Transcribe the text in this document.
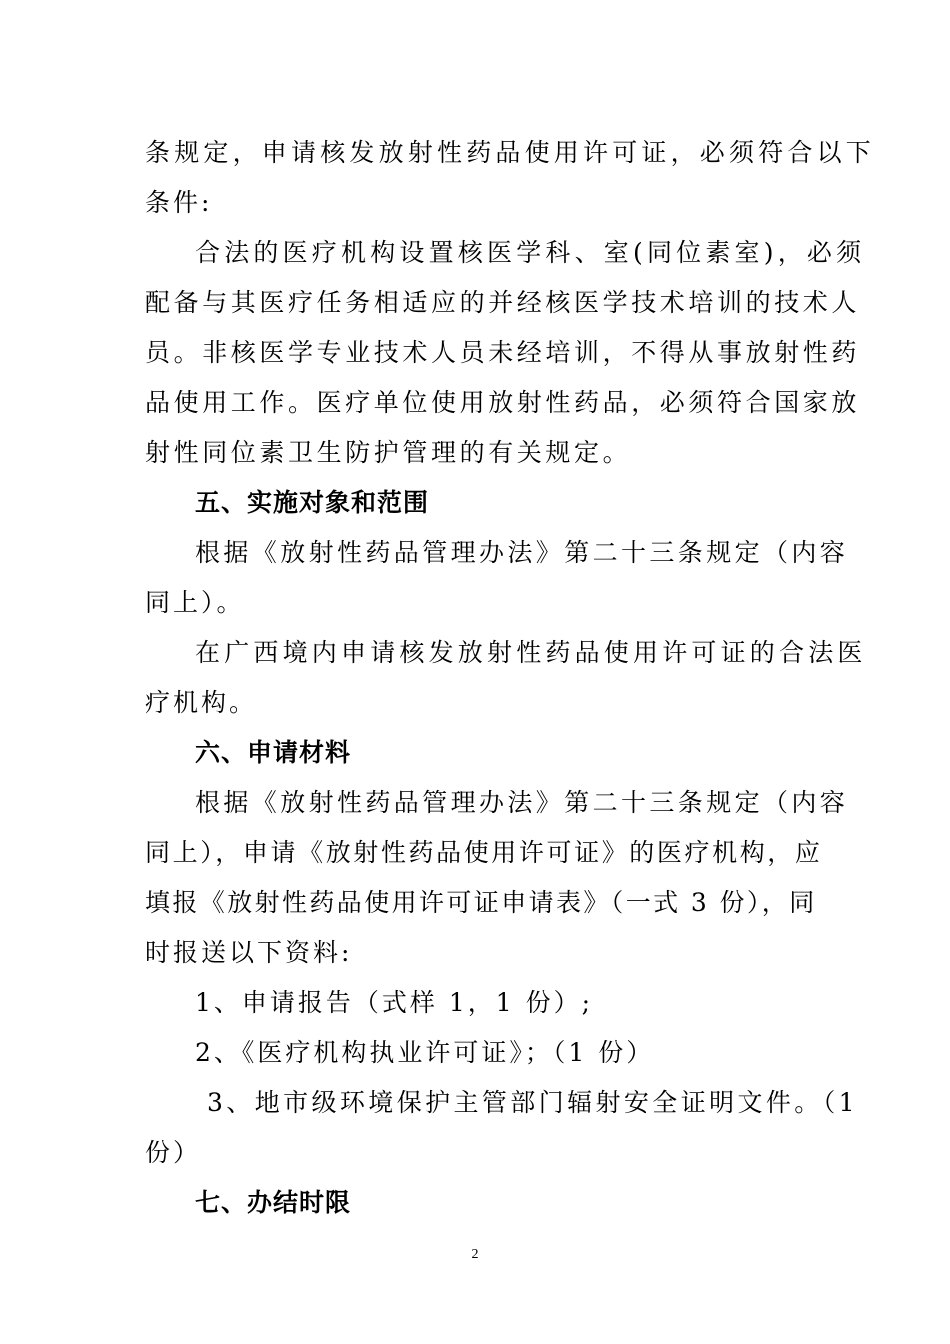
条规定，申请核发放射性药品使用许可证，必须符合以下
条件:
合法的医疗机构设置核医学科、室(同位素室)，必须
配备与其医疗任务相适应的并经核医学技术培训的技术人
员。非核医学专业技术人员未经培训，不得从事放射性药
品使用工作。医疗单位使用放射性药品，必须符合国家放
射性同位素卫生防护管理的有关规定。
五、实施对象和范围
根据《放射性药品管理办法》第二十三条规定（内容
同上）。
在广西境内申请核发放射性药品使用许可证的合法医
疗机构。
六、申请材料
根据《放射性药品管理办法》第二十三条规定（内容
同上），申请《放射性药品使用许可证》的医疗机构，应
填报《放射性药品使用许可证申请表》（一式 3 份），同
时报送以下资料:
1、申请报告（式样 1，1 份）;
2、《医疗机构执业许可证》；（1 份）
3、地市级环境保护主管部门辐射安全证明文件。（1
份）
七、办结时限
2
